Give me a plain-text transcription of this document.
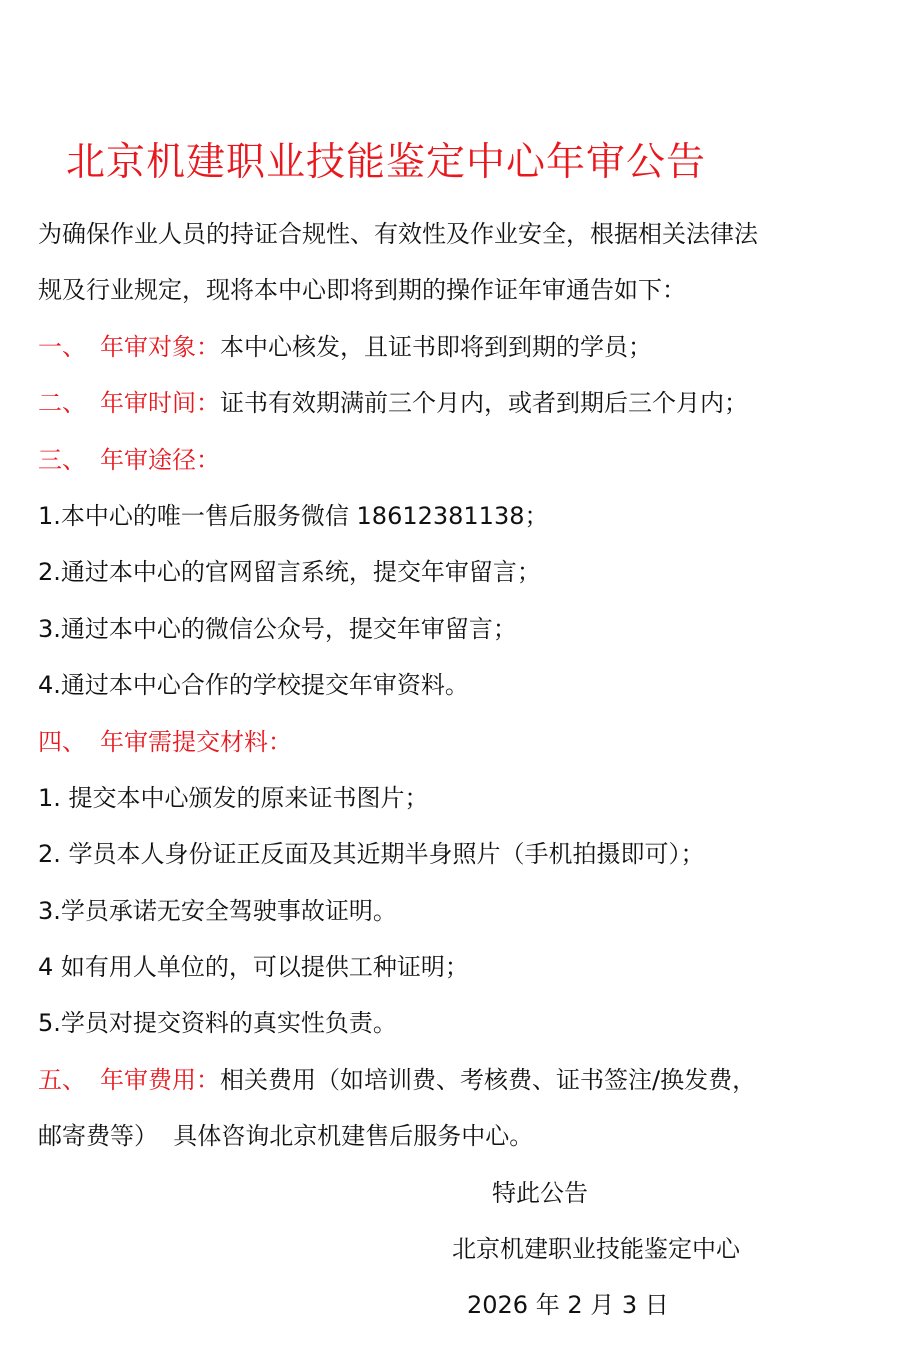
北京机建职业技能鉴定中心年审公告
为确保作业人员的持证合规性、有效性及作业安全，根据相关法律法
规及行业规定，现将本中心即将到期的操作证年审通告如下：
一、 年审对象：本中心核发，且证书即将到到期的学员；
二、 年审时间：证书有效期满前三个月内，或者到期后三个月内；
三、 年审途径：
1.本中心的唯一售后服务微信 18612381138；
2.通过本中心的官网留言系统，提交年审留言；
3.通过本中心的微信公众号，提交年审留言；
4.通过本中心合作的学校提交年审资料。
四、 年审需提交材料：
1. 提交本中心颁发的原来证书图片；
2. 学员本人身份证正反面及其近期半身照片（手机拍摄即可）；
3.学员承诺无安全驾驶事故证明。
4 如有用人单位的，可以提供工种证明；
5.学员对提交资料的真实性负责。
五、 年审费用：相关费用（如培训费、考核费、证书签注/换发费，
邮寄费等）  具体咨询北京机建售后服务中心。
特此公告
北京机建职业技能鉴定中心
2026 年 2 月 3 日
